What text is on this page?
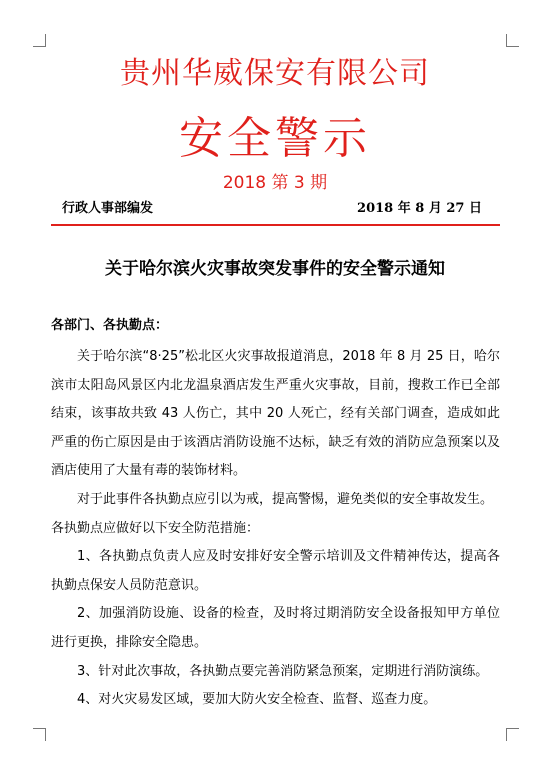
贵州华威保安有限公司
安全警示
2018 第 3 期
行政人事部编发	2018 年 8 月 27 日
关于哈尔滨火灾事故突发事件的安全警示通知
各部门、各执勤点：

关于哈尔滨“8·25”松北区火灾事故报道消息，2018 年 8 月 25 日，哈尔滨市太阳岛风景区内北龙温泉酒店发生严重火灾事故，目前，搜救工作已全部结束，该事故共致 43 人伤亡，其中 20 人死亡，经有关部门调查，造成如此严重的伤亡原因是由于该酒店消防设施不达标，缺乏有效的消防应急预案以及酒店使用了大量有毒的装饰材料。

对于此事件各执勤点应引以为戒，提高警惕，避免类似的安全事故发生。

各执勤点应做好以下安全防范措施：

1、各执勤点负责人应及时安排好安全警示培训及文件精神传达，提高各执勤点保安人员防范意识。

2、加强消防设施、设备的检查，及时将过期消防安全设备报知甲方单位进行更换，排除安全隐患。

3、针对此次事故，各执勤点要完善消防紧急预案，定期进行消防演练。

4、对火灾易发区域，要加大防火安全检查、监督、巡查力度。
